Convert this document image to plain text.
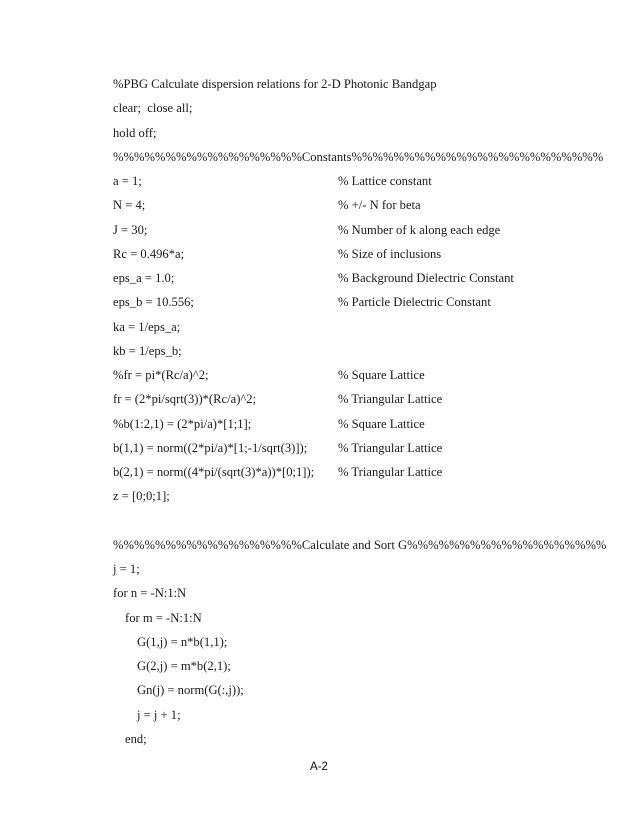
%PBG Calculate dispersion relations for 2-D Photonic Bandgap
clear;  close all;
hold off;
%%%%%%%%%%%%%%%%%%Constants%%%%%%%%%%%%%%%%%%%%%%%%
a = 1;	% Lattice constant
N = 4;	% +/- N for beta
J = 30;	% Number of k along each edge
Rc = 0.496*a;	% Size of inclusions
eps_a = 1.0;	% Background Dielectric Constant
eps_b = 10.556;	% Particle Dielectric Constant
ka = 1/eps_a;
kb = 1/eps_b;
%fr = pi*(Rc/a)^2;	% Square Lattice
fr = (2*pi/sqrt(3))*(Rc/a)^2;	% Triangular Lattice
%b(1:2,1) = (2*pi/a)*[1;1];	% Square Lattice
b(1,1) = norm((2*pi/a)*[1;-1/sqrt(3)]); % Triangular Lattice
b(2,1) = norm((4*pi/(sqrt(3)*a))*[0;1]); % Triangular Lattice
z = [0;0;1];
%%%%%%%%%%%%%%%%%%Calculate and Sort G%%%%%%%%%%%%%%%%%%%
j = 1;
for n = -N:1:N
for m = -N:1:N
G(1,j) = n*b(1,1);
G(2,j) = m*b(2,1);
Gn(j) = norm(G(:,j));
j = j + 1;
end;
A-2
